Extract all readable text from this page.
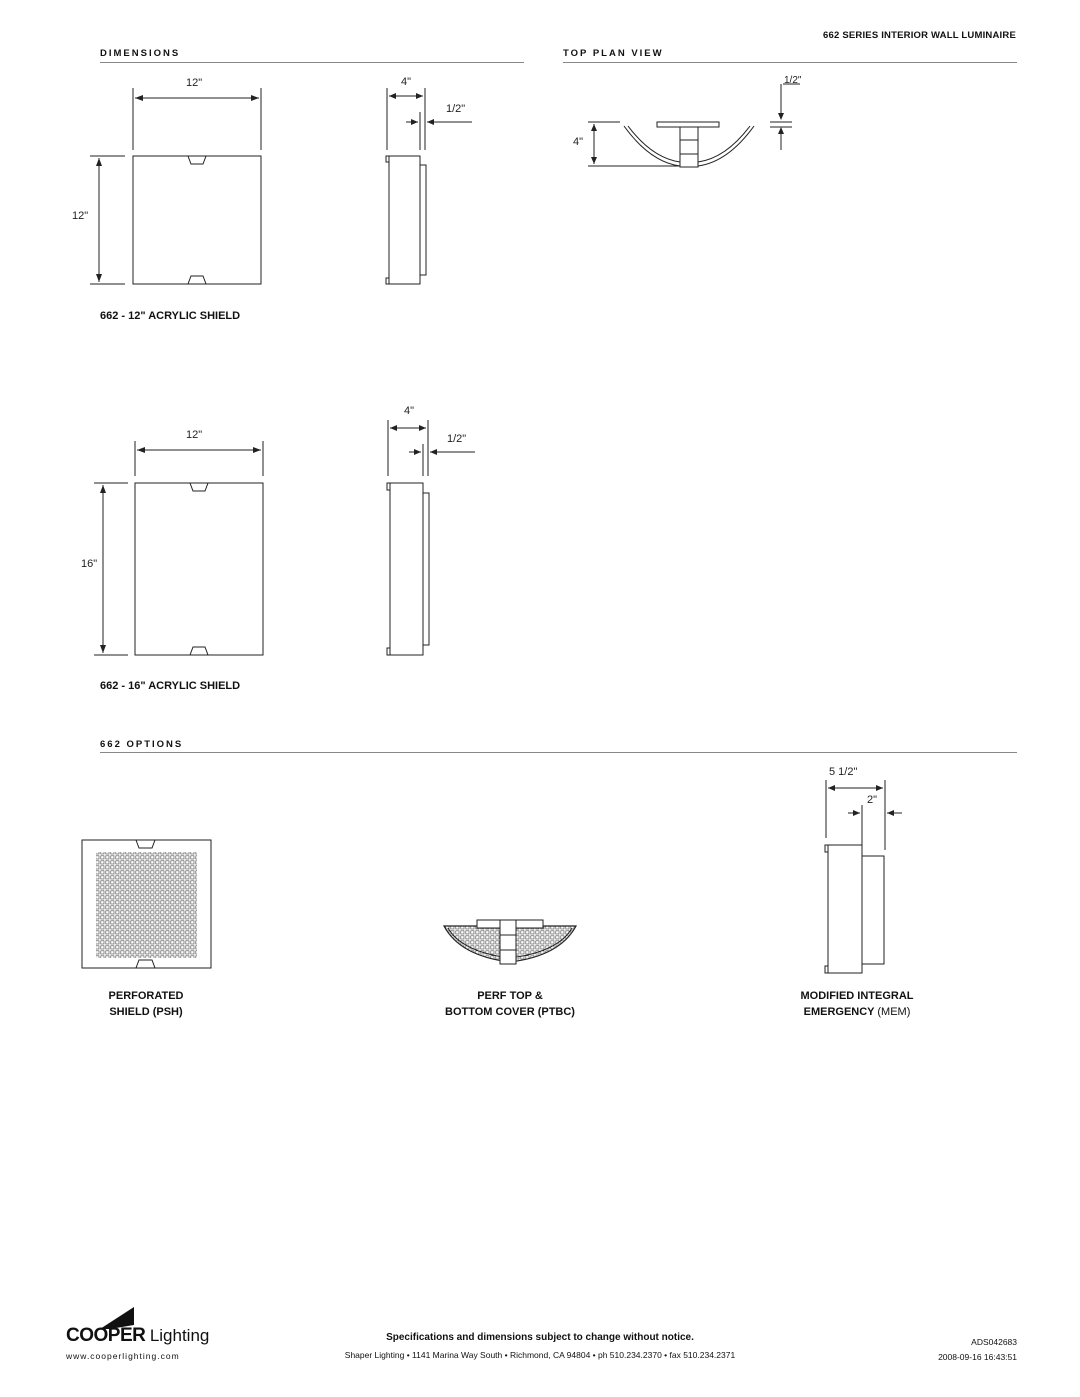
662 SERIES INTERIOR WALL LUMINAIRE
DIMENSIONS	TOP PLAN VIEW
12"
12"
4"
1/2"
662 - 12" ACRYLIC SHIELD
1/2"
4"
12"
16"
4"
1/2"
662 - 16" ACRYLIC SHIELD
662 OPTIONS
5 1/2"
2"
PERFORATED
SHIELD (PSH)
PERF TOP &
BOTTOM COVER (PTBC)
MODIFIED INTEGRAL
EMERGENCY (MEM)
COOPER Lighting
www.cooperlighting.com
Specifications and dimensions subject to change without notice.
Shaper Lighting • 1141 Marina Way South • Richmond, CA 94804 • ph 510.234.2370 • fax 510.234.2371
ADS042683
2008-09-16 16:43:51
